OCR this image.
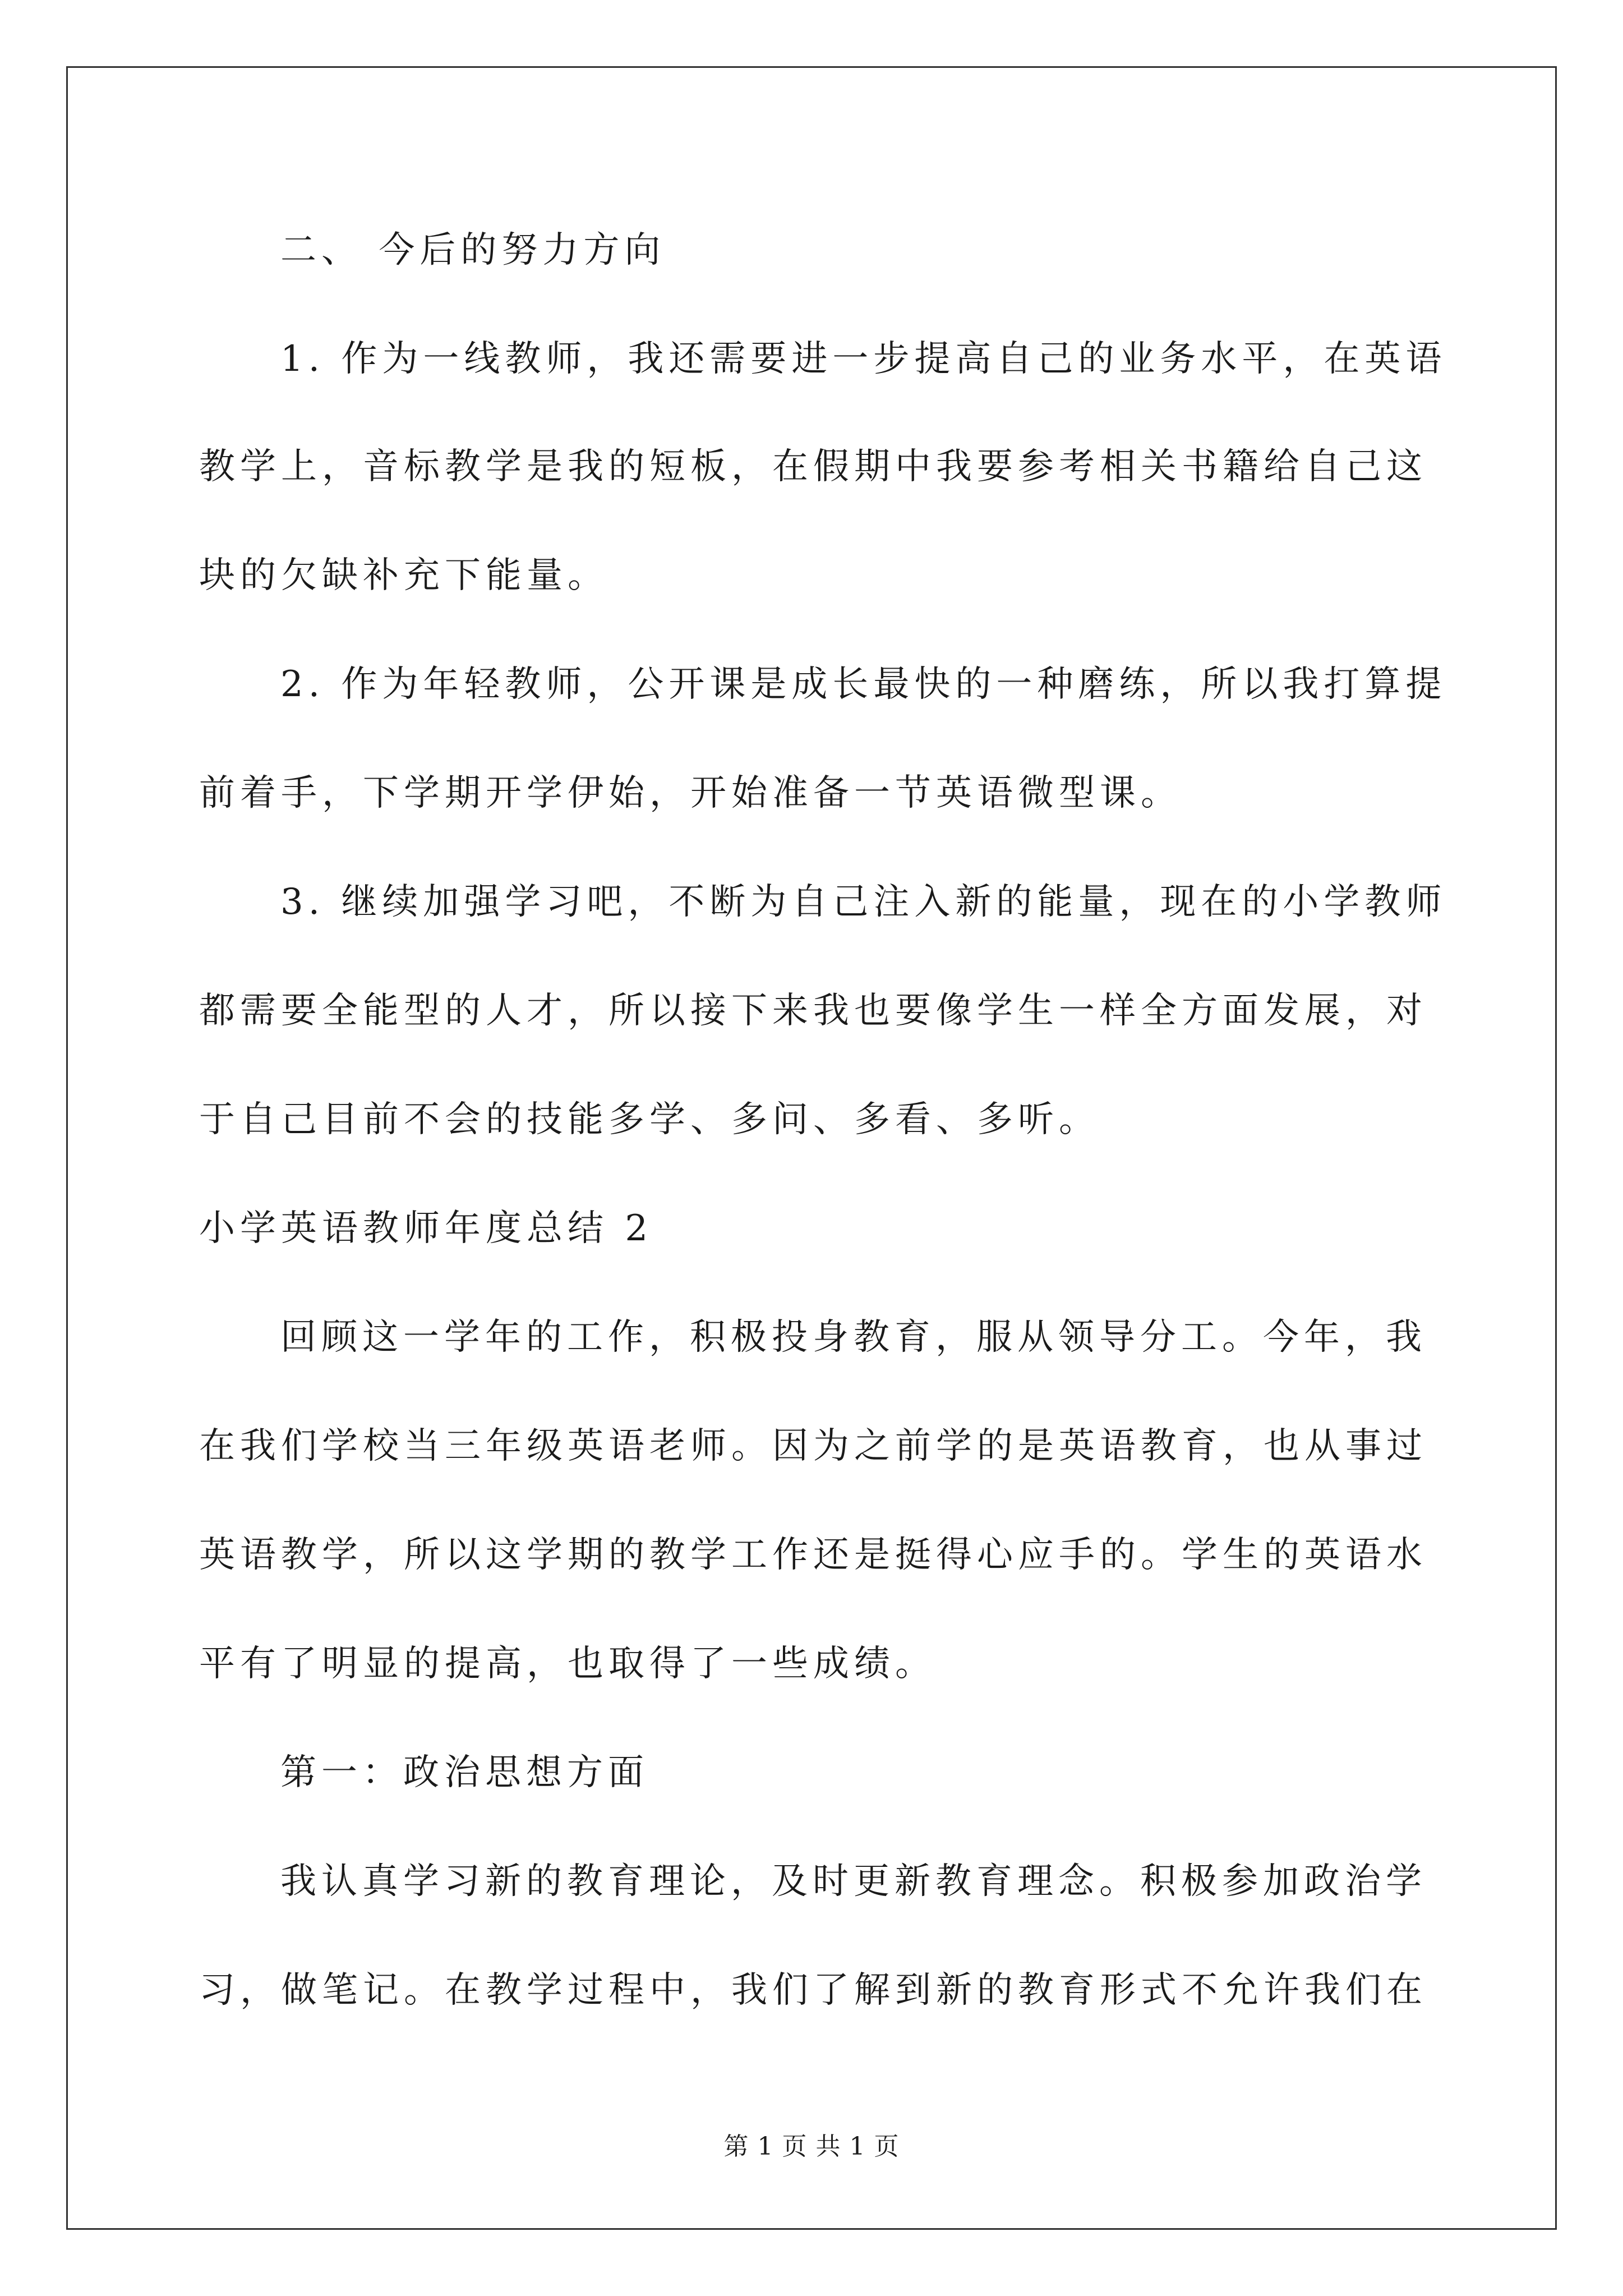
二、 今后的努力方向
1. 作为一线教师，我还需要进一步提高自己的业务水平，在英语
教学上，音标教学是我的短板，在假期中我要参考相关书籍给自己这
块的欠缺补充下能量。
2. 作为年轻教师，公开课是成长最快的一种磨练，所以我打算提
前着手，下学期开学伊始，开始准备一节英语微型课。
3. 继续加强学习吧，不断为自己注入新的能量，现在的小学教师
都需要全能型的人才，所以接下来我也要像学生一样全方面发展，对
于自己目前不会的技能多学、多问、多看、多听。
小学英语教师年度总结 2
回顾这一学年的工作，积极投身教育，服从领导分工。今年，我
在我们学校当三年级英语老师。因为之前学的是英语教育，也从事过
英语教学，所以这学期的教学工作还是挺得心应手的。学生的英语水
平有了明显的提高，也取得了一些成绩。
第一：政治思想方面
我认真学习新的教育理论，及时更新教育理念。积极参加政治学
习，做笔记。在教学过程中，我们了解到新的教育形式不允许我们在
第 1 页 共 1 页
